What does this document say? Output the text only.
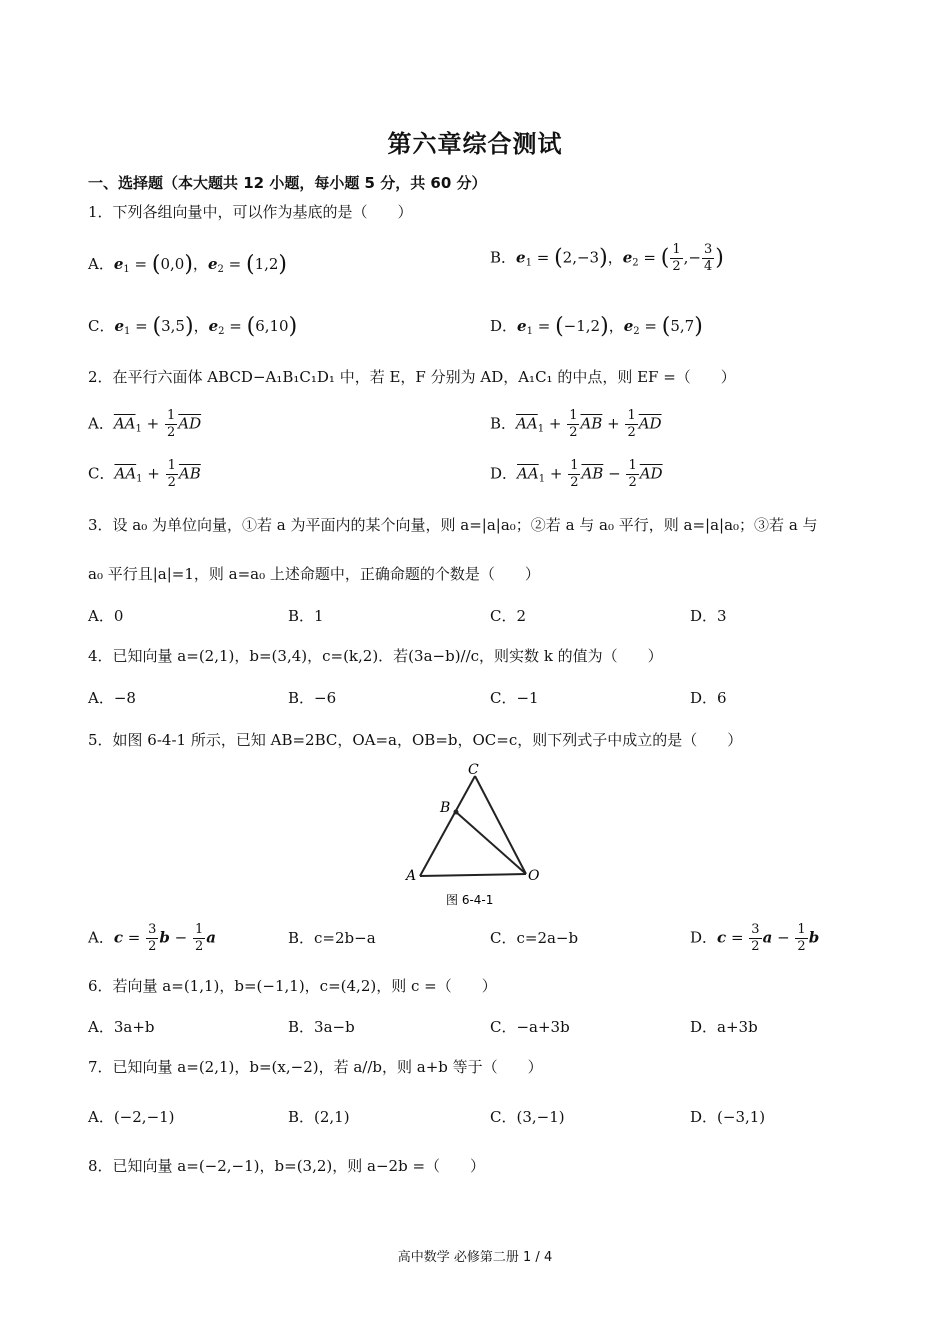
第六章综合测试
一、选择题（本大题共 12 小题，每小题 5 分，共 60 分）
1．下列各组向量中，可以作为基底的是（　　）
A．$e_1 = (0,0)$，$e_2 = (1,2)$	B．$e_1 = (2,-3)$，$e_2$ = ( $\frac{1}{2}$ ,− $\frac{3}{4}$ )
C．$e_1 = (3,5)$，$e_2 = (6,10)$	D．$e_1 = (-1,2)$，$e_2 = (5,7)$
2．在平行六面体 ABCD−A₁B₁C₁D₁ 中，若 E，F 分别为 AD，A₁C₁ 的中点，则 EF =（　　）
A．$\overline{AA}_1 + \frac{1}{2} \overline{AD}$	B．$\overline{AA}_1 + \frac{1}{2} \overline{AB} + \frac{1}{2} \overline{AD}$
C．$\overline{AA}_1 + \frac{1}{2} \overline{AB}$	D．$\overline{AA}_1 + \frac{1}{2} \overline{AB} - \frac{1}{2} \overline{AD}$
3．设 a₀ 为单位向量，①若 a 为平面内的某个向量，则 a=|a|a₀；②若 a 与 a₀ 平行，则 a=|a|a₀；③若 a 与
a₀ 平行且|a|=1，则 a=a₀ 上述命题中，正确命题的个数是（　　）
A．0	B．1	C．2	D．3
4．已知向量 a=(2,1)，b=(3,4)，c=(k,2)．若(3a−b)//c，则实数 k 的值为（　　）
A．−8	B．−6	C．−1	D．6
5．如图 6-4-1 所示，已知 AB=2BC，OA=a，OB=b，OC=c，则下列式子中成立的是（　　）
C
B
A	O
图 6-4-1
A．$c = \frac{3}{2}$ $b - \frac{1}{2}$ a	B．c=2b−a	C．c=2a−b	D．$c = \frac{3}{2}$ $a - \frac{1}{2}$ b
6．若向量 a=(1,1)，b=(−1,1)，c=(4,2)，则 c =（　　）
A．3a+b	B．3a−b	C．−a+3b	D．a+3b
7．已知向量 a=(2,1)，b=(x,−2)，若 a//b，则 a+b 等于（　　）
A．(−2,−1)	B．(2,1)	C．(3,−1)	D．(−3,1)
8．已知向量 a=(−2,−1)，b=(3,2)，则 a−2b =（　　）
高中数学 必修第二册 1 / 4
